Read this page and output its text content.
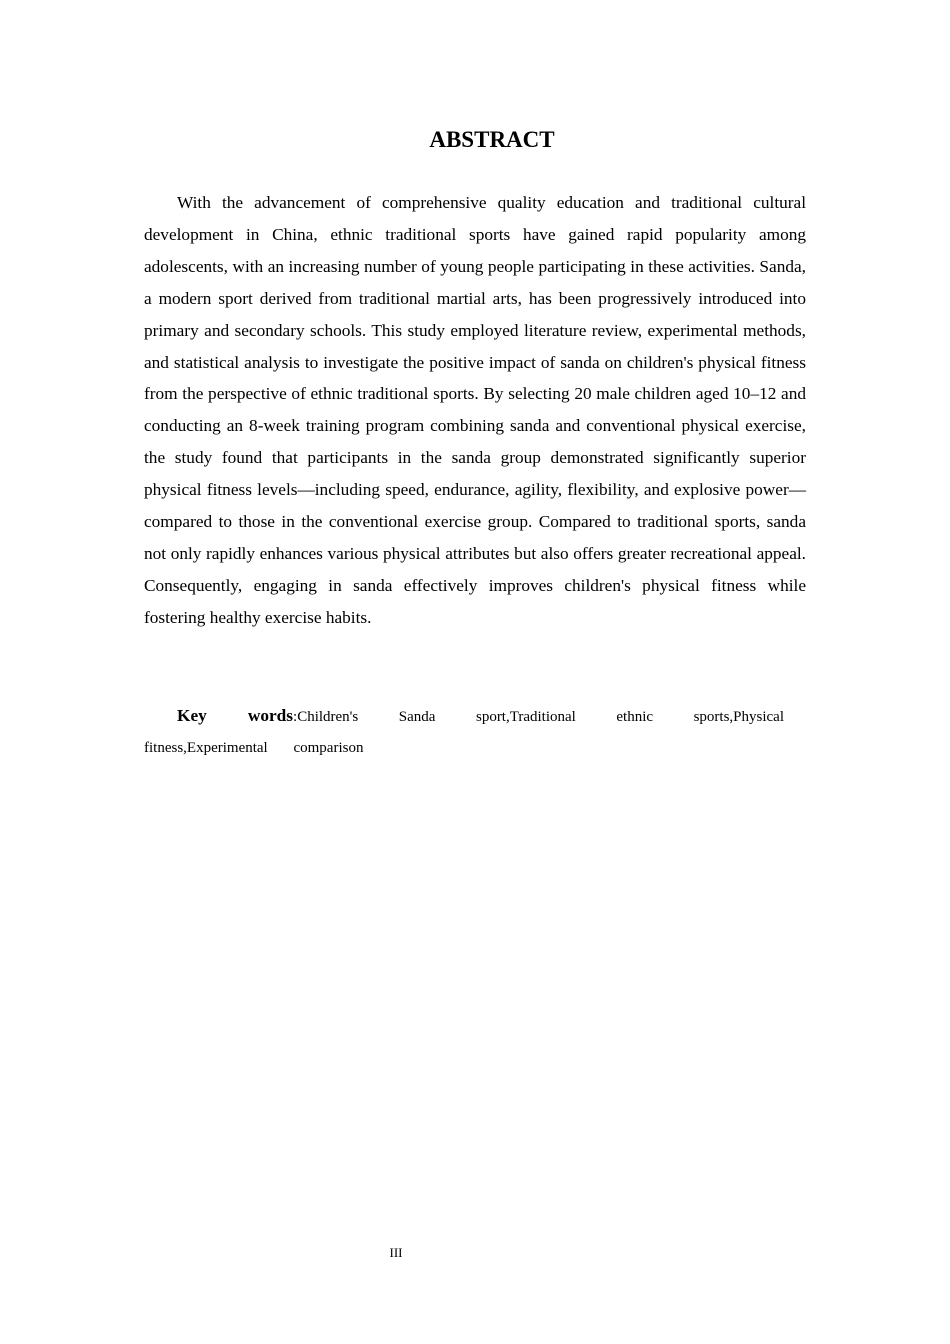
ABSTRACT

With the advancement of comprehensive quality education and traditional cultural development in China, ethnic traditional sports have gained rapid popularity among adolescents, with an increasing number of young people participating in these activities. Sanda, a modern sport derived from traditional martial arts, has been progressively introduced into primary and secondary schools. This study employed literature review, experimental methods, and statistical analysis to investigate the positive impact of sanda on children's physical fitness from the perspective of ethnic traditional sports. By selecting 20 male children aged 10–12 and conducting an 8-week training program combining sanda and conventional physical exercise, the study found that participants in the sanda group demonstrated significantly superior physical fitness levels—including speed, endurance, agility, flexibility, and explosive power—compared to those in the conventional exercise group. Compared to traditional sports, sanda not only rapidly enhances various physical attributes but also offers greater recreational appeal. Consequently, engaging in sanda effectively improves children's physical fitness while fostering healthy exercise habits.

Key words:Children's Sanda sport,Traditional ethnic sports,Physical fitness,Experimental comparison

III
